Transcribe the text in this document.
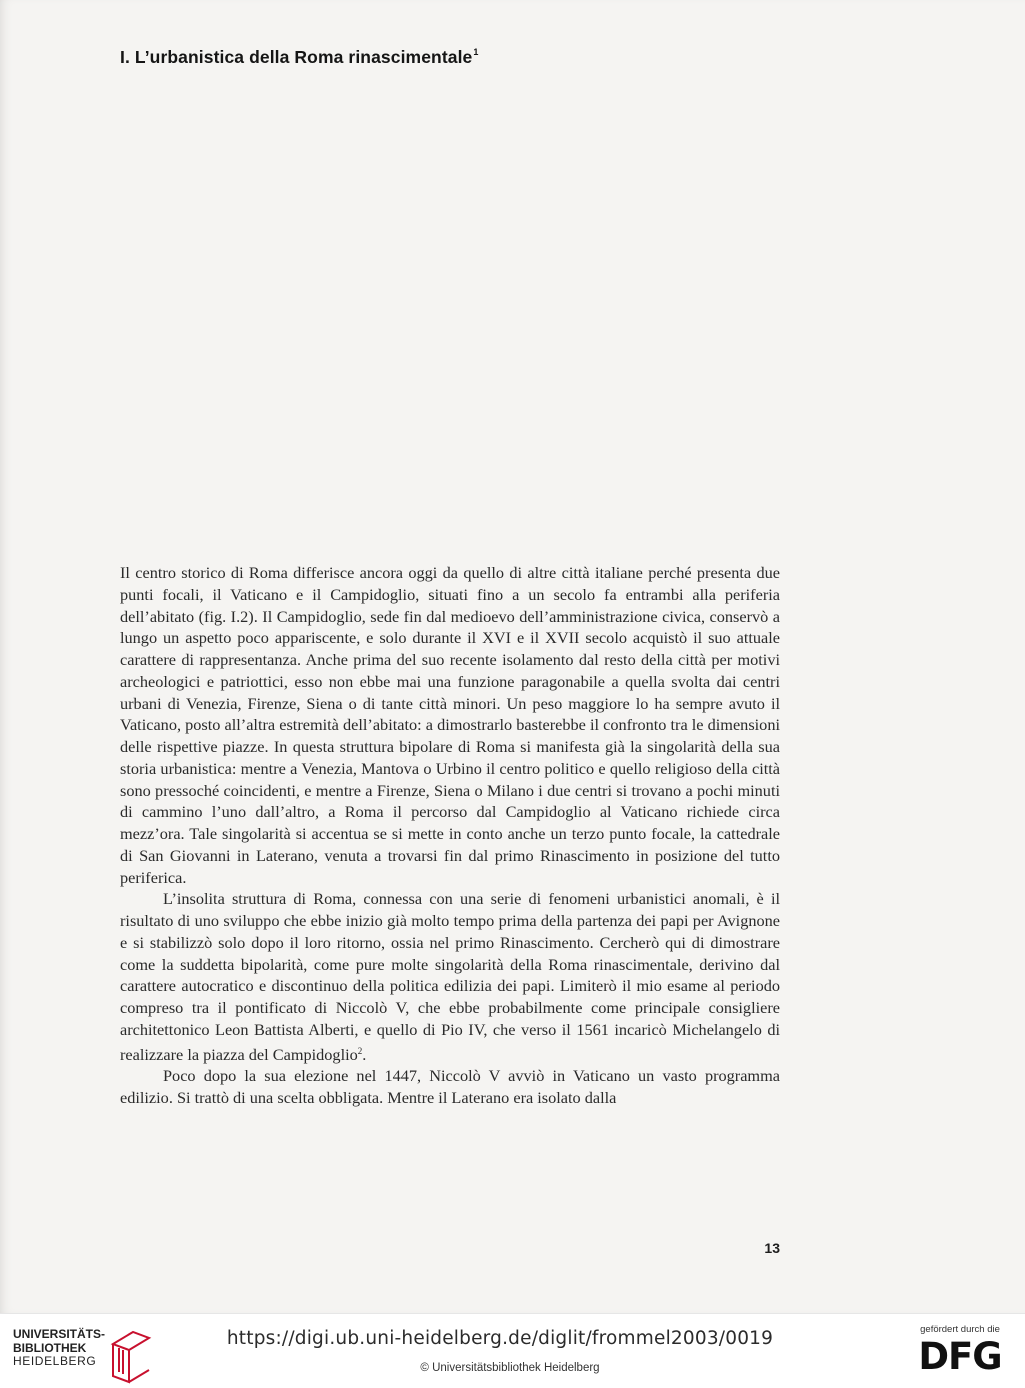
I. L’urbanistica della Roma rinascimentale$^1$

Il centro storico di Roma differisce ancora oggi da quello di altre città italiane perché presenta due punti focali, il Vaticano e il Campidoglio, situati fino a un secolo fa entrambi alla periferia dell’abitato (fig. I.2). Il Campidoglio, sede fin dal medioevo dell’amministrazione civica, conservò a lungo un aspetto poco appariscente, e solo durante il XVI e il XVII secolo acquistò il suo attuale carattere di rappresentanza. Anche prima del suo recente isolamento dal resto della città per motivi archeologici e patriottici, esso non ebbe mai una funzione paragonabile a quella svolta dai centri urbani di Venezia, Firenze, Siena o di tante città minori. Un peso maggiore lo ha sempre avuto il Vaticano, posto all’altra estremità dell’abitato: a dimostrarlo basterebbe il confronto tra le dimensioni delle rispettive piazze. In questa struttura bipolare di Roma si manifesta già la singolarità della sua storia urbanistica: mentre a Venezia, Mantova o Urbino il centro politico e quello religioso della città sono pressoché coincidenti, e mentre a Firenze, Siena o Milano i due centri si trovano a pochi minuti di cammino l’uno dall’altro, a Roma il percorso dal Campidoglio al Vaticano richiede circa mezz’ora. Tale singolarità si accentua se si mette in conto anche un terzo punto focale, la cattedrale di San Giovanni in Laterano, venuta a trovarsi fin dal primo Rinascimento in posizione del tutto periferica.

L’insolita struttura di Roma, connessa con una serie di fenomeni urbanistici anomali, è il risultato di uno sviluppo che ebbe inizio già molto tempo prima della partenza dei papi per Avignone e si stabilizzò solo dopo il loro ritorno, ossia nel primo Rinascimento. Cercherò qui di dimostrare come la suddetta bipolarità, come pure molte singolarità della Roma rinascimentale, derivino dal carattere autocratico e discontinuo della politica edilizia dei papi. Limiterò il mio esame al periodo compreso tra il pontificato di Niccolò V, che ebbe probabilmente come principale consigliere architettonico Leon Battista Alberti, e quello di Pio IV, che verso il 1561 incaricò Michelangelo di realizzare la piazza del Campidoglio$^2$.

Poco dopo la sua elezione nel 1447, Niccolò V avviò in Vaticano un vasto programma edilizio. Si trattò di una scelta obbligata. Mentre il Laterano era isolato dalla

13
UNIVERSITÄTS-
BIBLIOTHEK
HEIDELBERG
https://digi.ub.uni-heidelberg.de/diglit/frommel2003/0019
© Universitätsbibliothek Heidelberg
gefördert durch die
DFG
